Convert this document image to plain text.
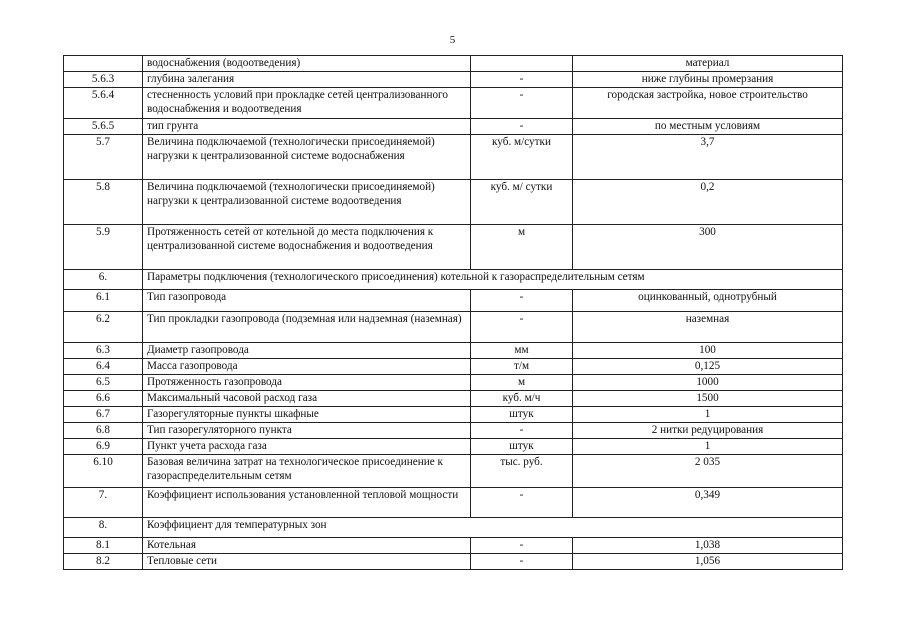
5
	водоснабжения (водоотведения)		материал
5.6.3	глубина залегания	-	ниже глубины промерзания
5.6.4	стесненность условий при прокладке сетей централизованного водоснабжения и водоотведения	-	городская застройка, новое строительство
5.6.5	тип грунта	-	по местным условиям
5.7	Величина подключаемой (технологически присоединяемой) нагрузки к централизованной системе водоснабжения	куб. м/сутки	3,7
5.8	Величина подключаемой (технологически присоединяемой) нагрузки к централизованной системе водоотведения	куб. м/ сутки	0,2
5.9	Протяженность сетей от котельной до места подключения к централизованной системе водоснабжения и водоотведения	м	300
6.	Параметры подключения (технологического присоединения) котельной к газораспределительным сетям		
6.1	Тип газопровода	-	оцинкованный, однотрубный
6.2	Тип прокладки газопровода (подземная или надземная (наземная)	-	наземная
6.3	Диаметр газопровода	мм	100
6.4	Масса газопровода	т/м	0,125
6.5	Протяженность газопровода	м	1000
6.6	Максимальный часовой расход газа	куб. м/ч	1500
6.7	Газорегуляторные пункты шкафные	штук	1
6.8	Тип газорегуляторного пункта	-	2 нитки редуцирования
6.9	Пункт учета расхода газа	штук	1
6.10	Базовая величина затрат на технологическое присоединение к газораспределительным сетям	тыс. руб.	2 035
7.	Коэффициент использования установленной тепловой мощности	-	0,349
8.	Коэффициент для температурных зон		
8.1	Котельная	-	1,038
8.2	Тепловые сети	-	1,056
